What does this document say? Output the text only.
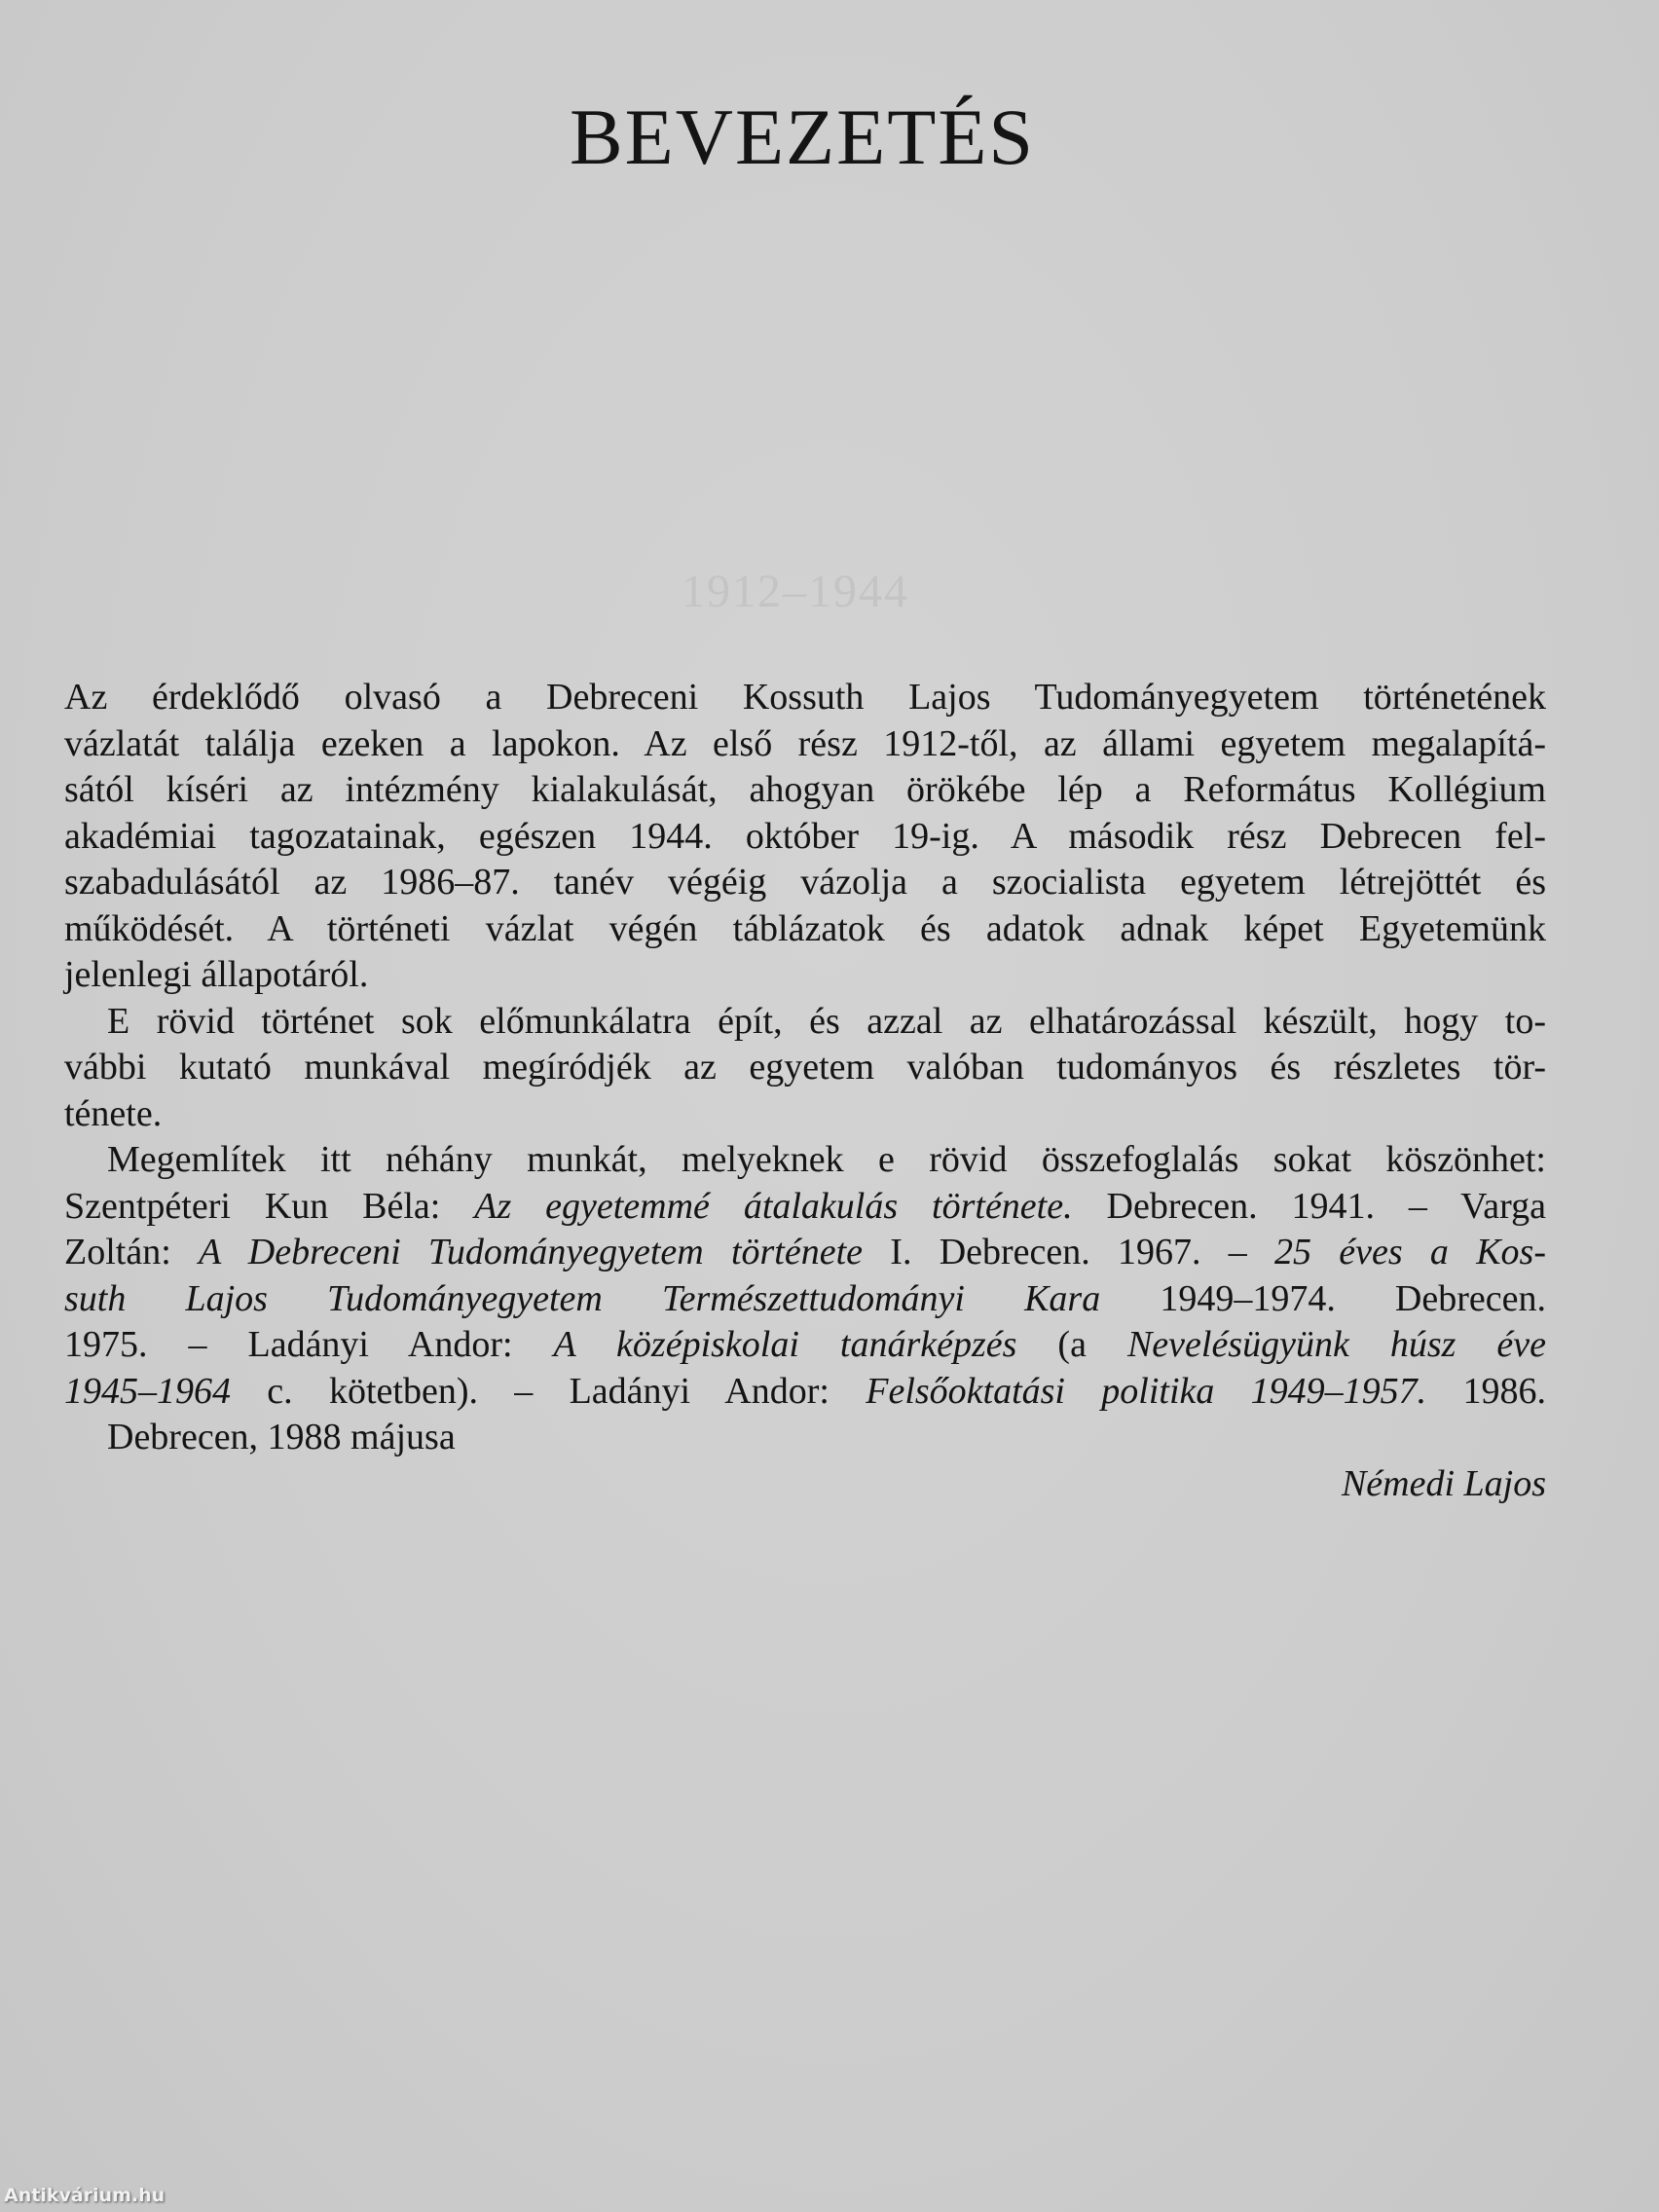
BEVEZETÉS
1912–1944

Az érdeklődő olvasó a Debreceni Kossuth Lajos Tudományegyetem történetének
vázlatát találja ezeken a lapokon. Az első rész 1912-től, az állami egyetem megalapítá-
sától kíséri az intézmény kialakulását, ahogyan örökébe lép a Református Kollégium
akadémiai tagozatainak, egészen 1944. október 19-ig. A második rész Debrecen fel-
szabadulásától az 1986–87. tanév végéig vázolja a szocialista egyetem létrejöttét és
működését. A történeti vázlat végén táblázatok és adatok adnak képet Egyetemünk
jelenlegi állapotáról.

E rövid történet sok előmunkálatra épít, és azzal az elhatározással készült, hogy to-
vábbi kutató munkával megíródjék az egyetem valóban tudományos és részletes tör-
ténete.

Megemlítek itt néhány munkát, melyeknek e rövid összefoglalás sokat köszönhet:
Szentpéteri Kun Béla: Az egyetemmé átalakulás története. Debrecen. 1941. – Varga
Zoltán: A Debreceni Tudományegyetem története I. Debrecen. 1967. – 25 éves a Kos-
suth Lajos Tudományegyetem Természettudományi Kara 1949–1974. Debrecen.
1975. – Ladányi Andor: A középiskolai tanárképzés (a Nevelésügyünk húsz éve
1945–1964 c. kötetben). – Ladányi Andor: Felsőoktatási politika 1949–1957. 1986.
Debrecen, 1988 májusa

Némedi Lajos
Antikvárium.hu
